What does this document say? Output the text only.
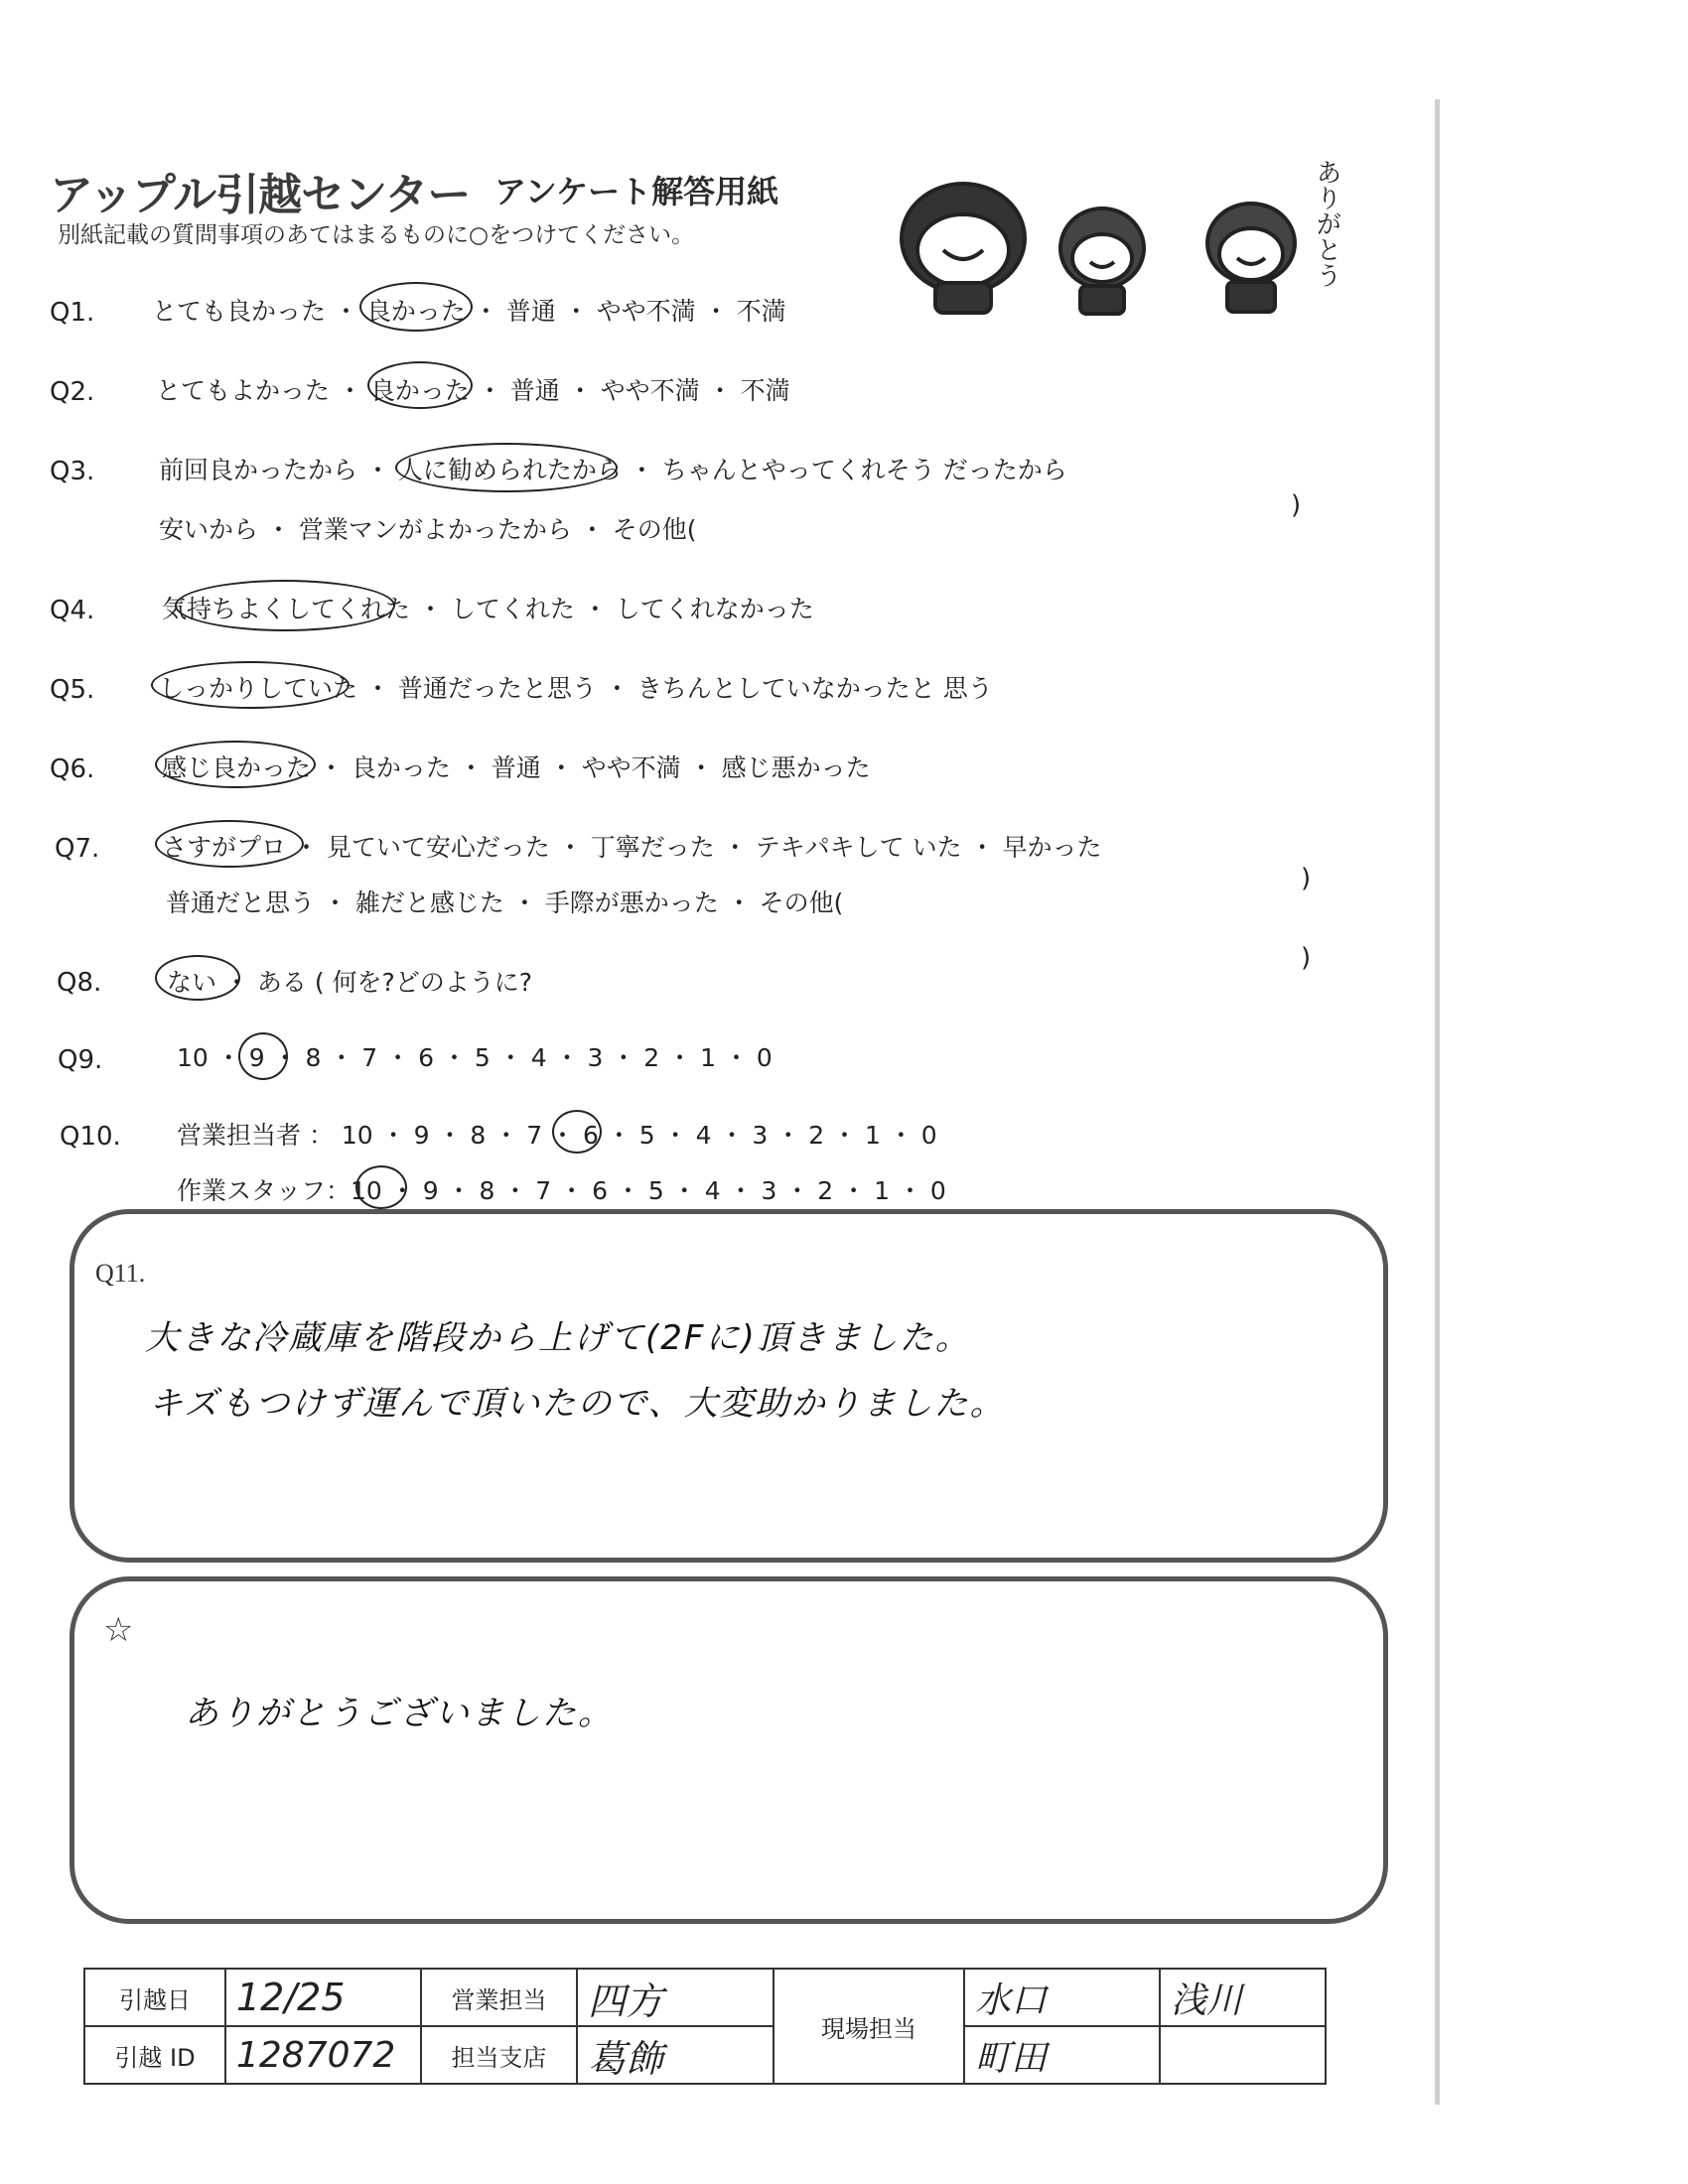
アップル引越センター アンケート解答用紙
別紙記載の質問事項のあてはまるものに○をつけてください。	ありがとう
Q1. とても良かった ・ 良かった ・ 普通 ・ やや不満 ・ 不満
Q2. とてもよかった ・ 良かった ・ 普通 ・ やや不満 ・ 不満
Q3.	前回良かったから ・ 人に勧められたから ・ ちゃんとやってくれそう だったから
安いから ・ 営業マンがよかったから ・ その他(
)
Q4.	気持ちよくしてくれた ・ してくれた ・ してくれなかった
Q5.	しっかりしていた ・ 普通だったと思う ・ きちんとしていなかったと 思う
Q6.	感じ良かった ・ 良かった ・ 普通 ・ やや不満 ・ 感じ悪かった
Q7.	さすがプロ ・ 見ていて安心だった ・ 丁寧だった ・ テキパキして いた ・ 早かった
普通だと思う ・ 雑だと感じた ・ 手際が悪かった ・ その他(
)
Q8.	ない ・ ある ( 何を?どのように?
)
Q9.	10 ・ 9 ・ 8 ・ 7 ・ 6 ・ 5 ・ 4 ・ 3 ・ 2 ・ 1 ・ 0
Q10. 営業担当者 ： 10 ・ 9 ・ 8 ・ 7 ・ 6 ・ 5 ・ 4 ・ 3 ・ 2 ・ 1 ・ 0
作業スタッフ：10 ・ 9 ・ 8 ・ 7 ・ 6 ・ 5 ・ 4 ・ 3 ・ 2 ・ 1 ・ 0
Q11.
大きな冷蔵庫を階段から上げて(2Fに)頂きました。
キズもつけず運んで頂いたので、大変助かりました。
☆
ありがとうございました。
引越日	12/25	営業担当	四方	現場担当	水口	浅川
引越 ID	1287072	担当支店	葛飾		町田	
